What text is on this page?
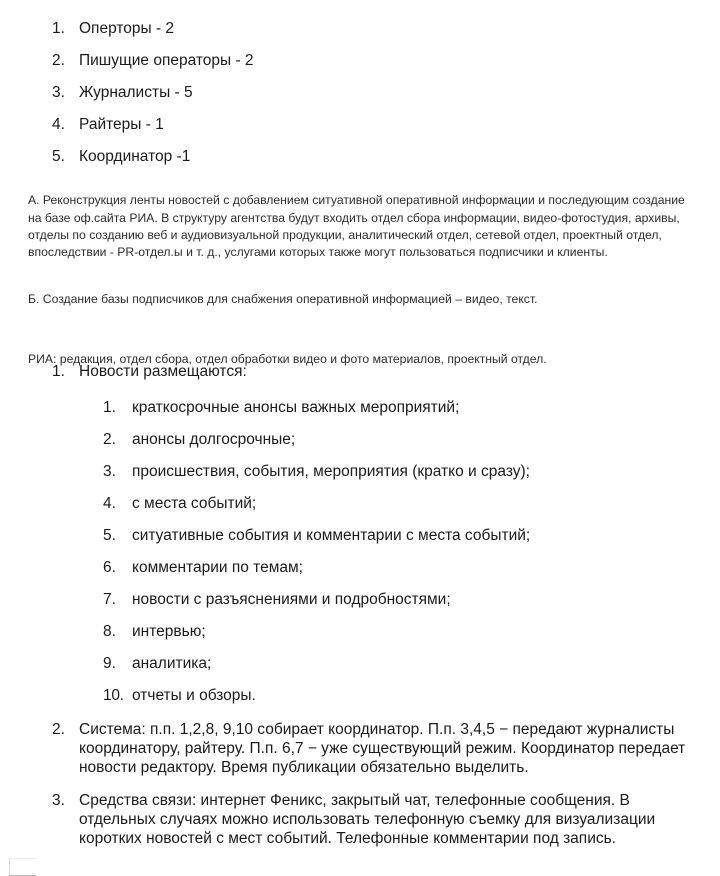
1. Оперторы - 2
2. Пишущие операторы - 2
3. Журналисты - 5
4. Райтеры - 1
5. Координатор -1

А. Реконструкция ленты новостей с добавлением ситуативной оперативной информации и последующим создание на базе оф.сайта РИА. В структуру агентства будут входить отдел сбора информации, видео-фотостудия, архивы, отделы по созданию веб и аудиовизуальной продукции, аналитический отдел, сетевой отдел, проектный отдел, впоследствии - PR-отдел.ы и т. д., услугами которых также могут пользоваться подписчики и клиенты.

Б. Создание базы подписчиков для снабжения оперативной информацией – видео, текст.

РИА: редакция, отдел сбора, отдел обработки видео и фото материалов, проектный отдел.

1. Новости размещаются:
1.	краткосрочные анонсы важных мероприятий;
2.	анонсы долгосрочные;
3.	происшествия, события, мероприятия (кратко и сразу);
4.	с места событий;
5.	ситуативные события и комментарии с места событий;
6.	комментарии по темам;
7.	новости с разъяснениями и подробностями;
8.	интервью;
9.	аналитика;
10. отчеты и обзоры.
2. Система: п.п. 1,2,8, 9,10 собирает координатор. П.п. 3,4,5 − передают журналисты координатору, райтеру. П.п. 6,7 − уже существующий режим. Координатор передает новости редактору. Время публикации обязательно выделить.
3. Средства связи: интернет Феникс, закрытый чат, телефонные сообщения. В отдельных случаях можно использовать телефонную съемку для визуализации коротких новостей с мест событий. Телефонные комментарии под запись.
